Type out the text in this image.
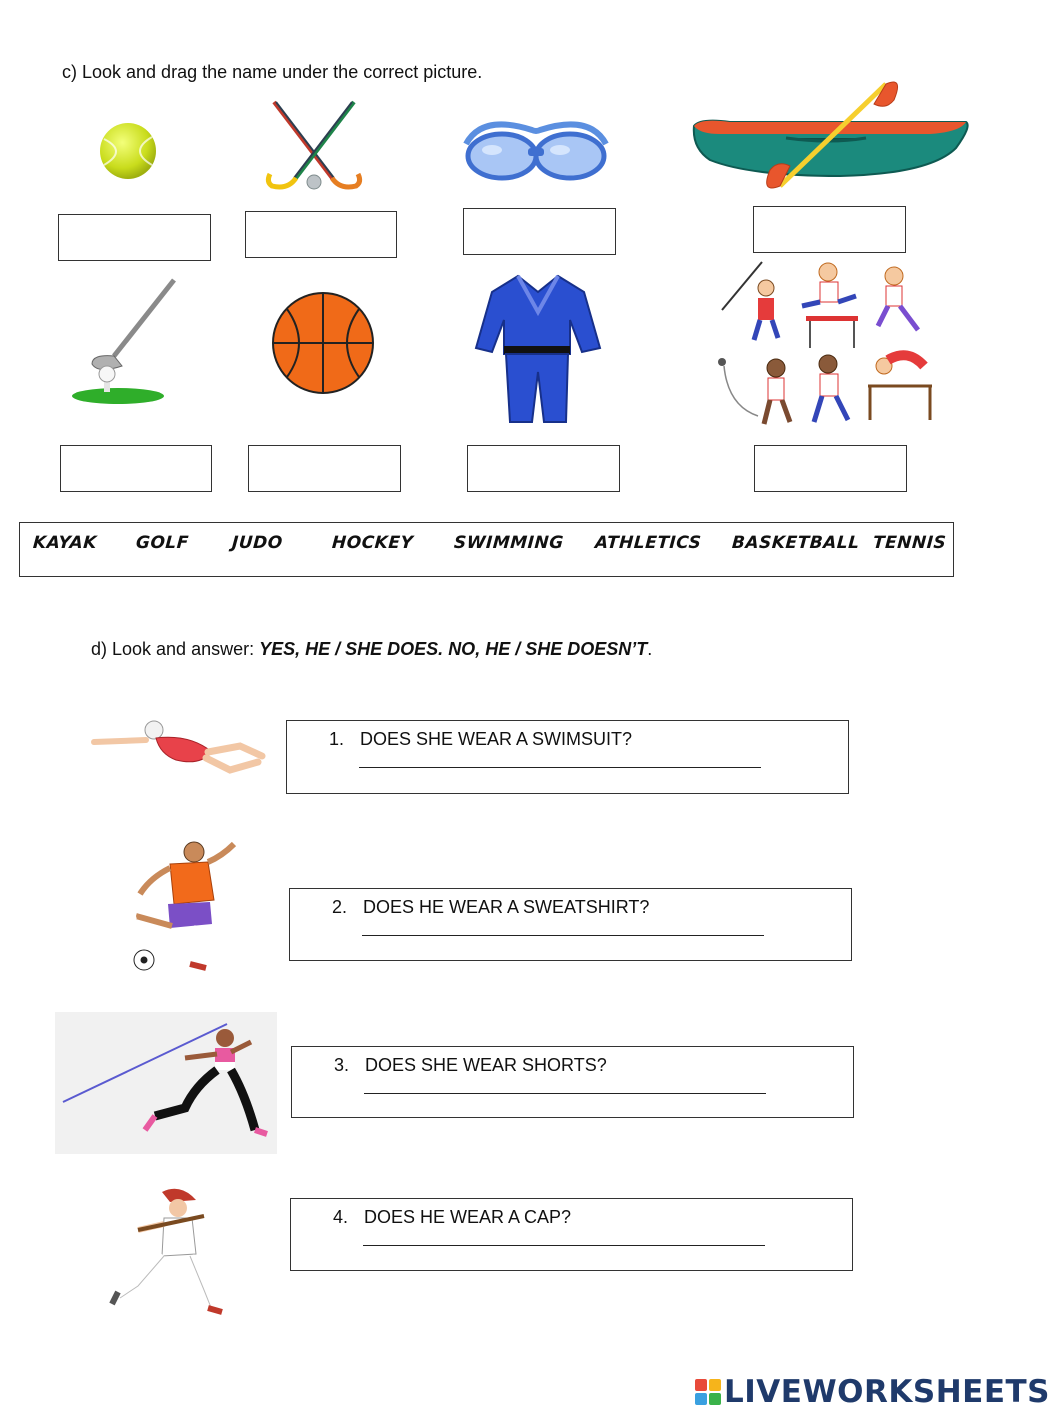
c) Look and drag the name under the correct picture.
KAYAK GOLF JUDO	HOCKEY SWIMMING ATHLETICS BASKETBALL TENNIS
d) Look and answer: YES, HE / SHE DOES. NO, HE / SHE DOESN’T.
1. DOES SHE WEAR A SWIMSUIT?
2. DOES HE WEAR A SWEATSHIRT?
3. DOES SHE WEAR SHORTS?
4. DOES HE WEAR A CAP?
LIVEWORKSHEETS
